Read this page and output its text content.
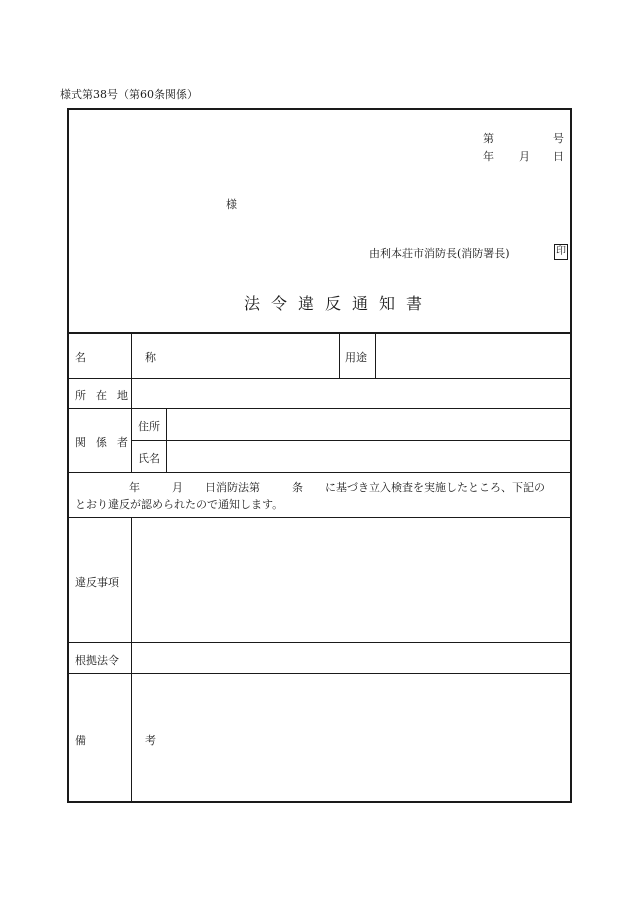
様式第38号（第60条関係）
第	号
年 月 日
様
由利本荘市消防長(消防署長)	印
法令違反通知書
名　称	用途
所在地
関係者
住所
氏名
年	月 日消防法第	条 に基づき立入検査を実施したところ、下記の
とおり違反が認められたので通知します。
違反事項
根拠法令
備　考
